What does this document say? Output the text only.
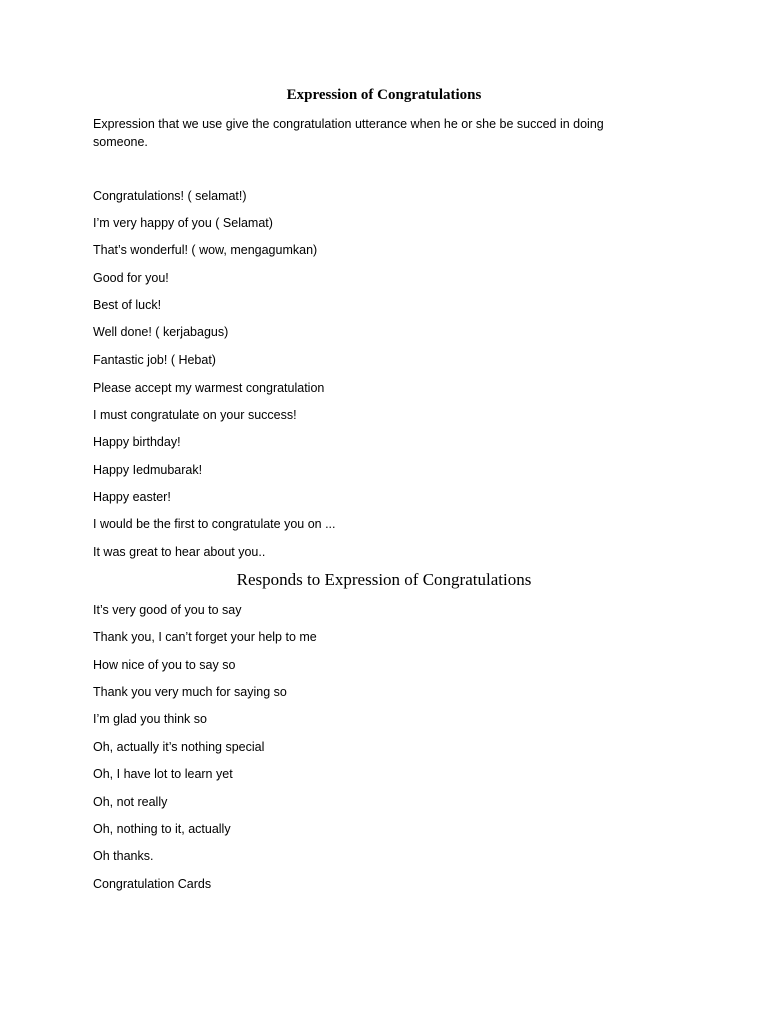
Expression of Congratulations

Expression that we use give the congratulation utterance when he or she be succed in doing someone.

Congratulations! ( selamat!)

I’m very happy of you ( Selamat)

That’s wonderful! ( wow, mengagumkan)

Good for you!

Best of luck!

Well done! ( kerjabagus)

Fantastic job! ( Hebat)

Please accept my warmest congratulation

I must congratulate on your success!

Happy birthday!

Happy Iedmubarak!

Happy easter!

I would be the first to congratulate you on ...

It was great to hear about you..

Responds to Expression of Congratulations

It’s very good of you to say

Thank you, I can’t forget your help to me

How nice of you to say so

Thank you very much for saying so

I’m glad you think so

Oh, actually it’s nothing special

Oh, I have lot to learn yet

Oh, not really

Oh, nothing to it, actually

Oh thanks.

Congratulation Cards
